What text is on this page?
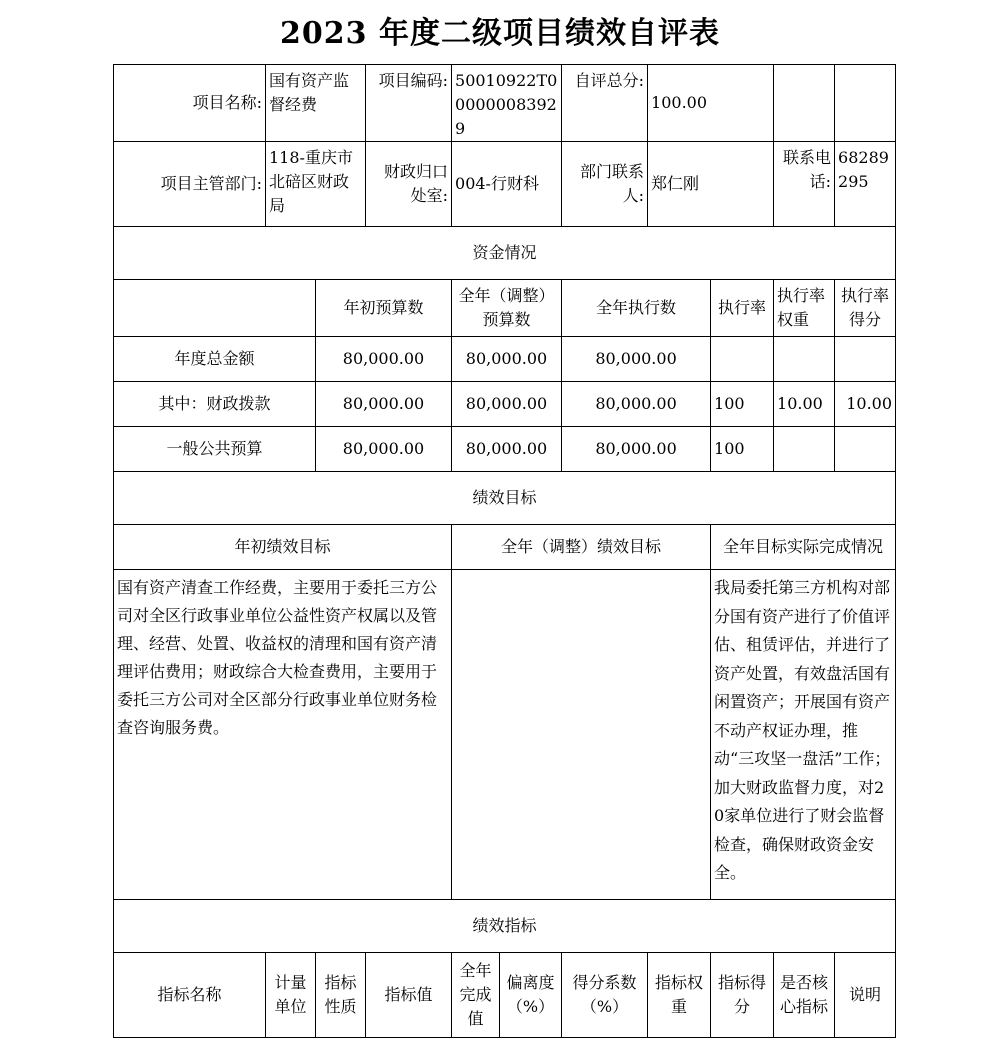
2023 年度二级项目绩效自评表
项目名称:	国有资产监督经费		项目编码:	50010922T000000083929		自评总分:	100.00			
项目主管部门:	118-重庆市北碚区财政局		财政归口处室:	004-行财科		部门联系人:	郑仁刚		联系电话:	68289295
资金情况										
		年初预算数		全年（调整）预算数		全年执行数		执行率	执行率权重	执行率得分
年度总金额		80,000.00		80,000.00		80,000.00				
其中：财政拨款		80,000.00		80,000.00		80,000.00		100	10.00	10.00
一般公共预算		80,000.00		80,000.00		80,000.00		100		
绩效目标										
年初绩效目标				全年（调整）绩效目标				全年目标实际完成情况		
国有资产清查工作经费，主要用于委托三方公司对全区行政事业单位公益性资产权属以及管理、经营、处置、收益权的清理和国有资产清理评估费用；财政综合大检查费用，主要用于委托三方公司对全区部分行政事业单位财务检查咨询服务费。								我局委托第三方机构对部分国有资产进行了价值评估、租赁评估，并进行了资产处置，有效盘活国有闲置资产；开展国有资产不动产权证办理，推动“三攻坚一盘活”工作；加大财政监督力度，对20家单位进行了财会监督检查，确保财政资金安全。		
绩效指标										
指标名称	计量单位	指标性质	指标值	全年完成值	偏离度（%）	得分系数（%）	指标权重	指标得分	是否核心指标	说明
